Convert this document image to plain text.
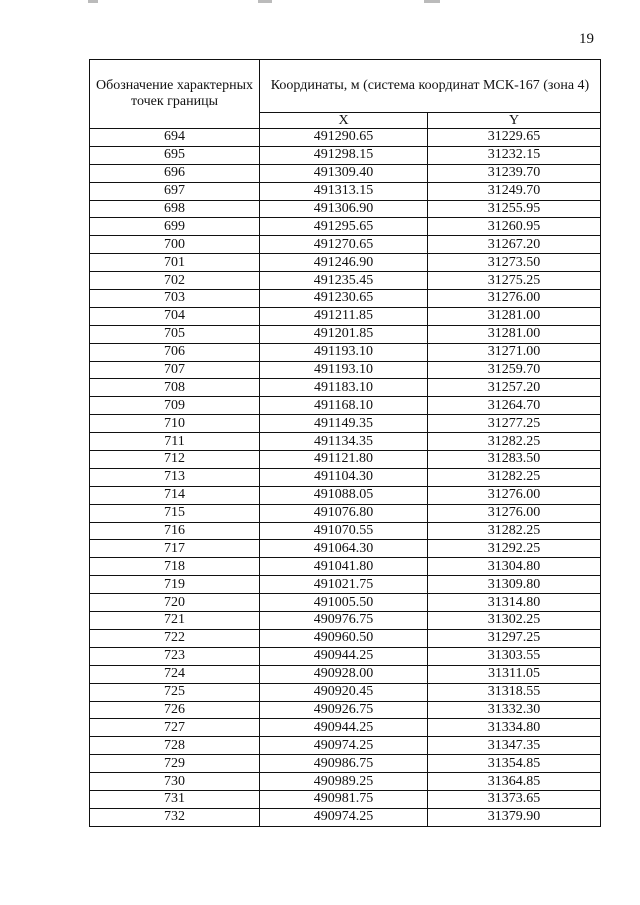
19
Обозначение характерных точек границы	Координаты, м (система координат МСК-167 (зона 4)	
	X	Y
694	491290.65	31229.65
695	491298.15	31232.15
696	491309.40	31239.70
697	491313.15	31249.70
698	491306.90	31255.95
699	491295.65	31260.95
700	491270.65	31267.20
701	491246.90	31273.50
702	491235.45	31275.25
703	491230.65	31276.00
704	491211.85	31281.00
705	491201.85	31281.00
706	491193.10	31271.00
707	491193.10	31259.70
708	491183.10	31257.20
709	491168.10	31264.70
710	491149.35	31277.25
711	491134.35	31282.25
712	491121.80	31283.50
713	491104.30	31282.25
714	491088.05	31276.00
715	491076.80	31276.00
716	491070.55	31282.25
717	491064.30	31292.25
718	491041.80	31304.80
719	491021.75	31309.80
720	491005.50	31314.80
721	490976.75	31302.25
722	490960.50	31297.25
723	490944.25	31303.55
724	490928.00	31311.05
725	490920.45	31318.55
726	490926.75	31332.30
727	490944.25	31334.80
728	490974.25	31347.35
729	490986.75	31354.85
730	490989.25	31364.85
731	490981.75	31373.65
732	490974.25	31379.90
